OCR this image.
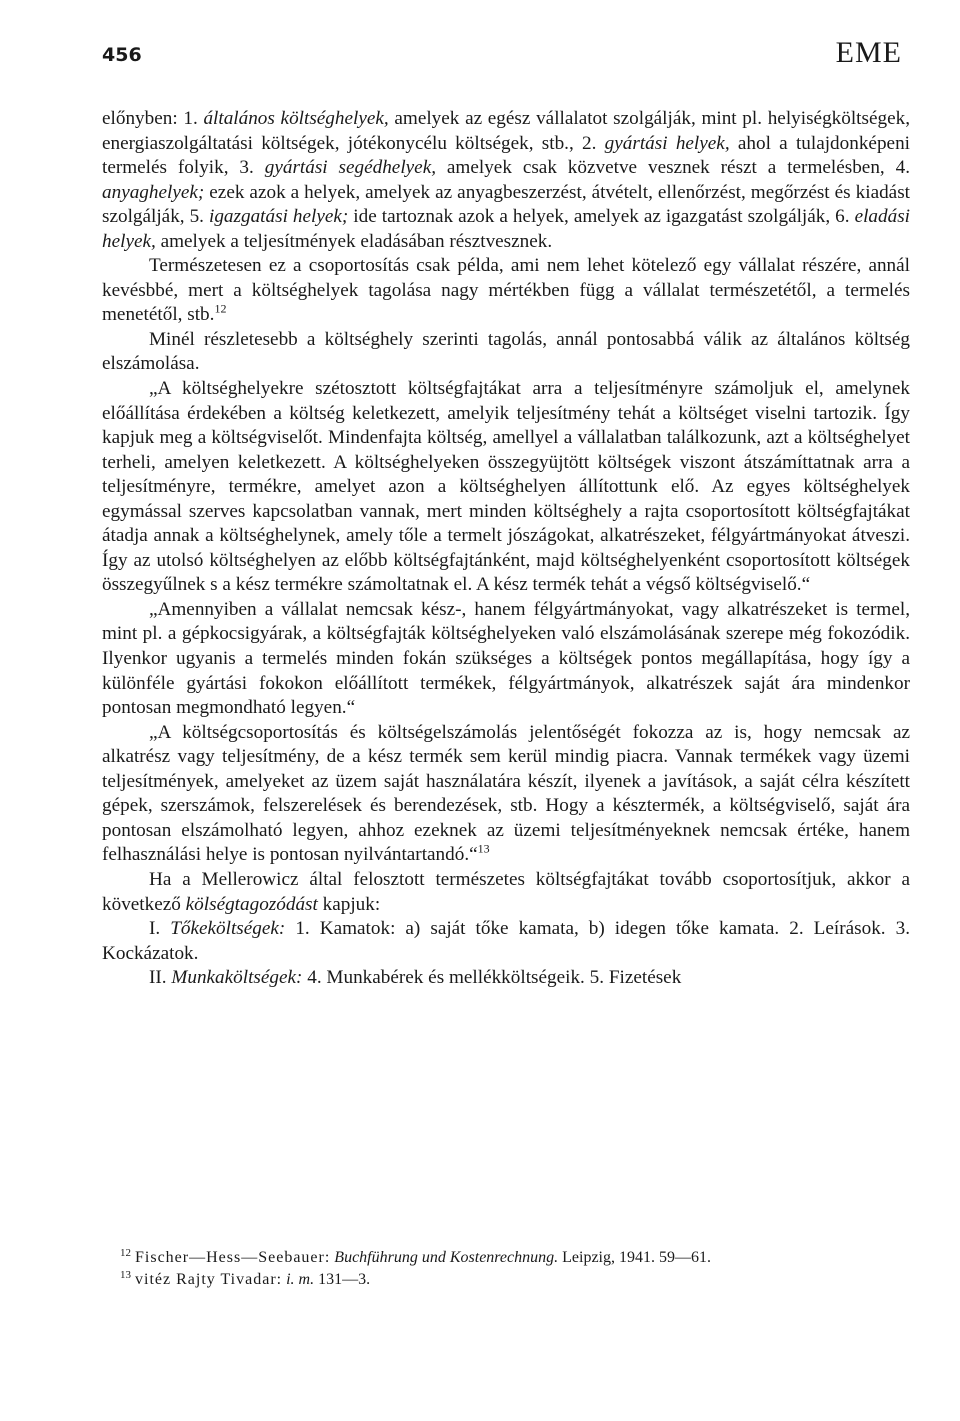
456	EME

előnyben: 1. általános költséghelyek, amelyek az egész vállalatot szolgálják, mint pl. helyiségköltségek, energiaszolgáltatási költségek, jótékonycélu költségek, stb., 2. gyártási helyek, ahol a tulajdonképeni termelés folyik, 3. gyártási segédhelyek, amelyek csak közvetve vesznek részt a termelésben, 4. anyaghelyek; ezek azok a helyek, amelyek az anyagbeszerzést, átvételt, ellenőrzést, megőrzést és kiadást szolgálják, 5. igazgatási helyek; ide tartoznak azok a helyek, amelyek az igazgatást szolgálják, 6. eladási helyek, amelyek a teljesítmények eladásában résztvesznek.

Természetesen ez a csoportosítás csak példa, ami nem lehet kötelező egy vállalat részére, annál kevésbbé, mert a költséghelyek tagolása nagy mértékben függ a vállalat természetétől, a termelés menetétől, stb.$^{12}$

Minél részletesebb a költséghely szerinti tagolás, annál pontosabbá válik az általános költség elszámolása.

„A költséghelyekre szétosztott költségfajtákat arra a teljesítményre számoljuk el, amelynek előállítása érdekében a költség keletkezett, amelyik teljesítmény tehát a költséget viselni tartozik. Így kapjuk meg a költségviselőt. Mindenfajta költség, amellyel a vállalatban találkozunk, azt a költséghelyet terheli, amelyen keletkezett. A költséghelyeken összegyüjtött költségek viszont átszámíttatnak arra a teljesítményre, termékre, amelyet azon a költséghelyen állítottunk elő. Az egyes költséghelyek egymással szerves kapcsolatban vannak, mert minden költséghely a rajta csoportosított költségfajtákat átadja annak a költséghelynek, amely tőle a termelt jószágokat, alkatrészeket, félgyártmányokat átveszi. Így az utolsó költséghelyen az előbb költségfajtánként, majd költséghelyenként csoportosított költségek összegyűlnek s a kész termékre számoltatnak el. A kész termék tehát a végső költségviselő.“

„Amennyiben a vállalat nemcsak kész-, hanem félgyártmányokat, vagy alkatrészeket is termel, mint pl. a gépkocsigyárak, a költségfajták költséghelyeken való elszámolásának szerepe még fokozódik. Ilyenkor ugyanis a termelés minden fokán szükséges a költségek pontos megállapítása, hogy így a különféle gyártási fokokon előállított termékek, félgyártmányok, alkatrészek saját ára mindenkor pontosan megmondható legyen.“

„A költségcsoportosítás és költségelszámolás jelentőségét fokozza az is, hogy nemcsak az alkatrész vagy teljesítmény, de a kész termék sem kerül mindig piacra. Vannak termékek vagy üzemi teljesítmények, amelyeket az üzem saját használatára készít, ilyenek a javítások, a saját célra készített gépek, szerszámok, felszerelések és berendezések, stb. Hogy a késztermék, a költségviselő, saját ára pontosan elszámolható legyen, ahhoz ezeknek az üzemi teljesítményeknek nemcsak értéke, hanem felhasználási helye is pontosan nyilvántartandó.“$^{13}$

Ha a Mellerowicz által felosztott természetes költségfajtákat tovább csoportosítjuk, akkor a következő kölségtagozódást kapjuk:

I. Tőkeköltségek: 1. Kamatok: a) saját tőke kamata, b) idegen tőke kamata. 2. Leírások. 3. Kockázatok.

II. Munkaköltségek: 4. Munkabérek és mellékköltségeik. 5. Fizetések

$^{12}$ Fischer—Hess—Seebauer: Buchführung und Kostenrechnung. Leipzig, 1941. 59—61.
$^{13}$ vitéz Rajty Tivadar: i. m. 131—3.
